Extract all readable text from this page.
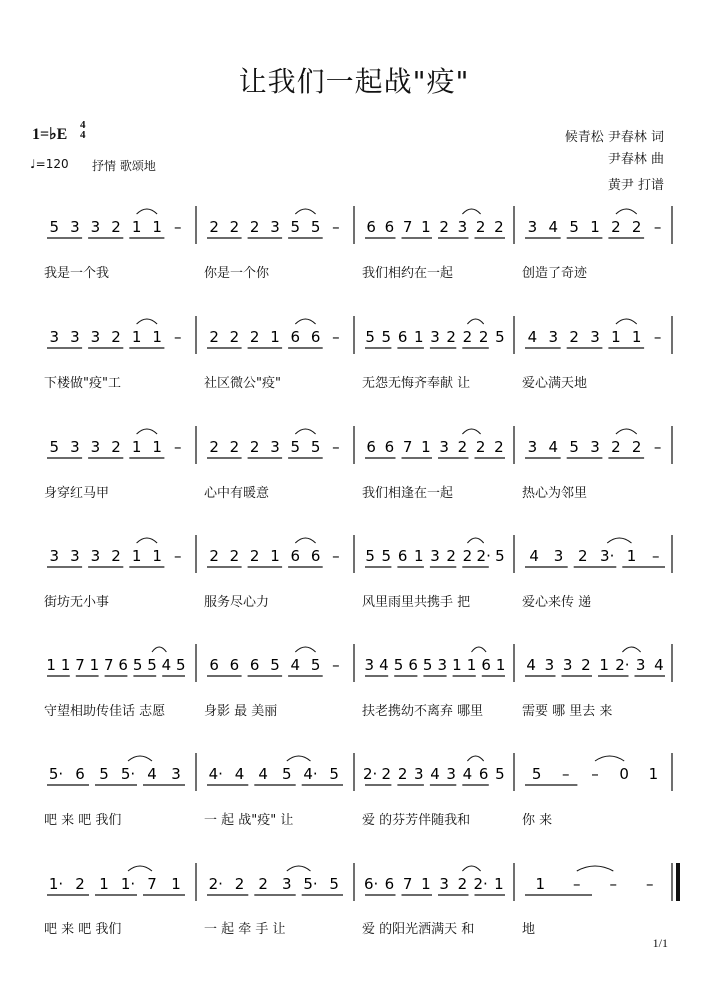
让我们一起战"疫"
1=♭E
4
4
♩=120 抒情 歌颂地
候青松 尹春林 词
尹春林 曲
黄尹 打谱
5 3 3 2 1 1 – 2 2 2 3 5 5 – 6 6 7 1 2 3 2 2 3 4 5 1 2 2 –
我是一个我	你是一个你	我们相约在一起	创造了奇迹
3 3 3 2 1 1 – 2 2 2 1 6 6 – 5 5 6 1 3 2 2 2 5 4 3 2 3 1 1 –
下楼做"疫"工	社区微公"疫"	无怨无悔齐奉献 让	爱心满天地
5 3 3 2 1 1 – 2 2 2 3 5 5 – 6 6 7 1 3 2 2 2 3 4 5 3 2 2 –
身穿红马甲	心中有暖意	我们相逢在一起	热心为邻里
3 3 3 2 1 1 – 2 2 2 1 6 6 – 5 5 6 1 3 2 2 2· 5 4 3 2 3· 1 –
街坊无小事	服务尽心力	风里雨里共携手 把	爱心来传 递
1 1 7 1 7 6 5 5 4 5 6 6 6 5 4 5 – 3 4 5 6 5 3 1 1 6 1 4 3 3 2 1 2· 3 4
守望相助传佳话 志愿	身影 最 美丽	扶老携幼不离弃 哪里	需要 哪 里去 来
5· 6 5 5· 4 3 4· 4 4 5 4· 5 2· 2 2 3 4 3 4 6 5 5 – – 0 1
吧 来 吧 我们	一 起 战"疫" 让	爱 的芬芳伴随我和	你 来
1· 2 1 1· 7 1 2· 2 2 3 5· 5 6· 6 7 1 3 2 2· 1 1 – – –
吧 来 吧 我们	一 起 牵 手 让	爱 的阳光洒满天 和	地
1/1
